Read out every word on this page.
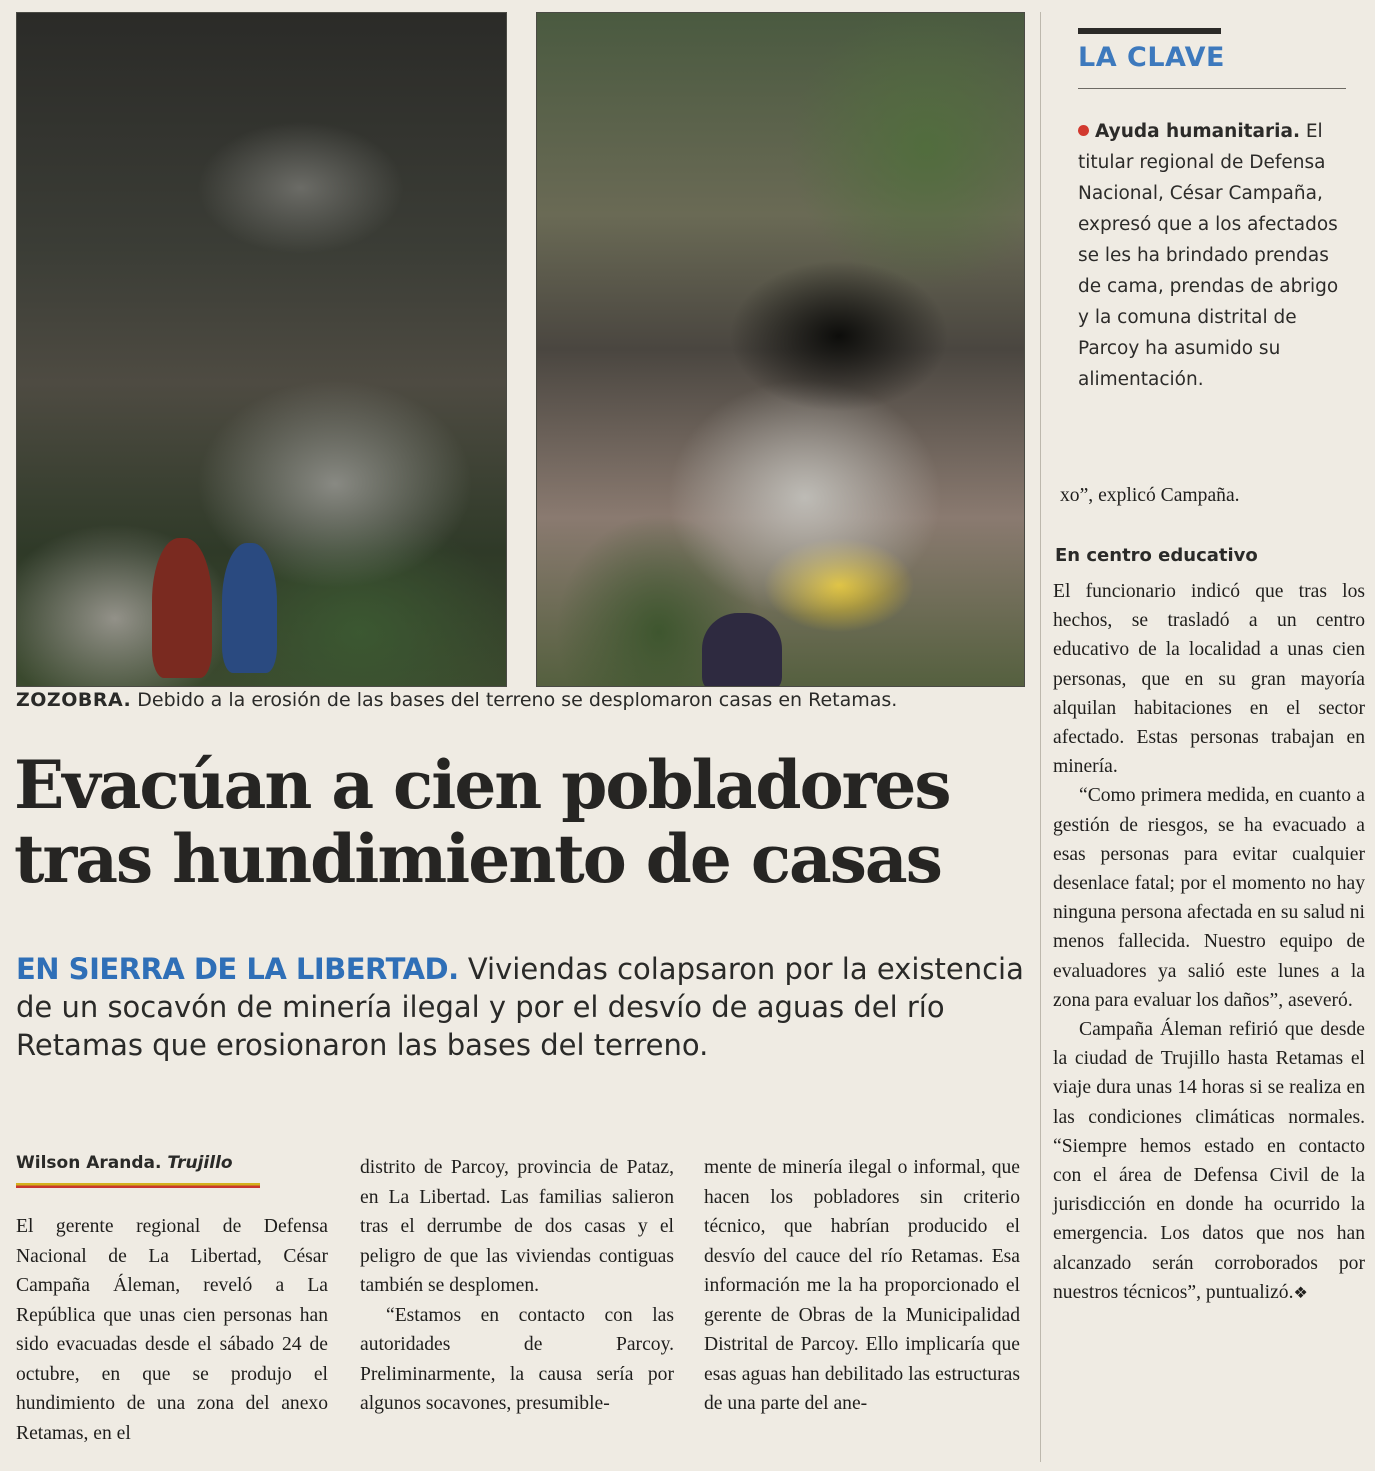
ZOZOBRA. Debido a la erosión de las bases del terreno se desplomaron casas en Retamas.
Evacúan a cien pobladores
tras hundimiento de casas

EN SIERRA DE LA LIBERTAD. Viviendas colapsaron por la existencia de un socavón de minería ilegal y por el desvío de aguas del río Retamas que erosionaron las bases del terreno.

Wilson Aranda. Trujillo

El gerente regional de Defensa Nacional de La Libertad, César Campaña Áleman, reveló a La República que unas cien personas han sido evacuadas desde el sábado 24 de octubre, en que se produjo el hundimiento de una zona del anexo Retamas, en el

distrito de Parcoy, provincia de Pataz, en La Libertad. Las familias salieron tras el derrumbe de dos casas y el peligro de que las viviendas contiguas también se desplomen.

“Estamos en contacto con las autoridades de Parcoy. Preliminarmente, la causa sería por algunos socavones, presumible-

mente de minería ilegal o informal, que hacen los pobladores sin criterio técnico, que habrían producido el desvío del cauce del río Retamas. Esa información me la ha proporcionado el gerente de Obras de la Municipalidad Distrital de Parcoy. Ello implicaría que esas aguas han debilitado las estructuras de una parte del ane-

LA CLAVE

Ayuda humanitaria. El titular regional de Defensa Nacional, César Campaña, expresó que a los afectados se les ha brindado prendas de cama, prendas de abrigo y la comuna distrital de Parcoy ha asumido su alimentación.

xo”, explicó Campaña.
En centro educativo

El funcionario indicó que tras los hechos, se trasladó a un centro educativo de la localidad a unas cien personas, que en su gran mayoría alquilan habitaciones en el sector afectado. Estas personas trabajan en minería.

“Como primera medida, en cuanto a gestión de riesgos, se ha evacuado a esas personas para evitar cualquier desenlace fatal; por el momento no hay ninguna persona afectada en su salud ni menos fallecida. Nuestro equipo de evaluadores ya salió este lunes a la zona para evaluar los daños”, aseveró.

Campaña Áleman refirió que desde la ciudad de Trujillo hasta Retamas el viaje dura unas 14 horas si se realiza en las condiciones climáticas normales. “Siempre hemos estado en contacto con el área de Defensa Civil de la jurisdicción en donde ha ocurrido la emergencia. Los datos que nos han alcanzado serán corroborados por nuestros técnicos”, puntualizó.❖
